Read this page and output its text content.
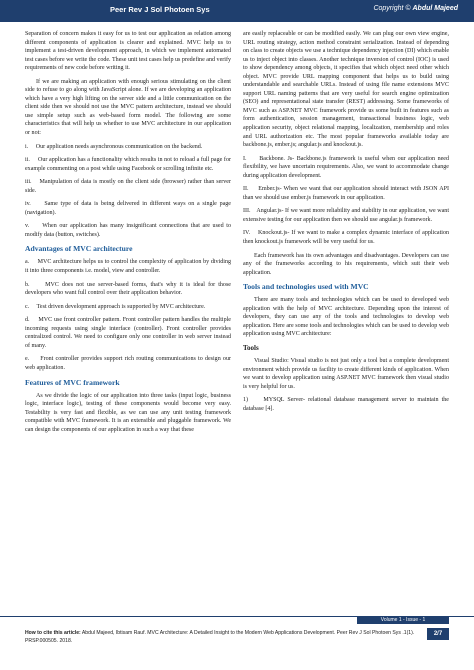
Peer Rev J Sol Photoen Sys	Copyright © Abdul Majeed

Separation of concern makes it easy for us to test our application as relation among different components of application is clearer and explained. MVC help us to implement a test-driven development approach, in which we implement automated test cases before we write the code. These unit test cases help us predefine and verify requirements of new code before writing it.

If we are making an application with enough serious stimulating on the client side to refuse to go along with JavaScript alone. If we are developing an application which have a very high lifting on the server side and a little communication on the client side then we should not use the MVC pattern architecture, instead we should use simple setup such as web-based form model. The following are some characteristics that will help us whether to use MVC architecture in our application or not:

i.     Our application needs asynchronous communication on the backend.

ii.     Our application has a functionality which results in not to reload a full page for example commenting on a post while using Facebook or scrolling infinite etc.

iii.    Manipulation of data is mostly on the client side (browser) rather than server side.

iv.     Same type of data is being delivered in different ways on a single page (navigation).

v.     When our application has many insignificant connections that are used to modify data (button, switches).

Advantages of MVC architecture

a.     MVC architecture helps us to control the complexity of application by dividing it into three components i.e. model, view and controller.

b.     MVC does not use server-based forms, that's why it is ideal for those developers who want full control over their application behavior.

c.     Test driven development approach is supported by MVC architecture.

d.     MVC use front controller pattern. Front controller pattern handles the multiple incoming requests using single interface (controller). Front controller provides centralized control. We need to configure only one controller in web server instead of many.

e.     Front controller provides support rich routing communications to design our web application.

Features of MVC framework

As we divide the logic of our application into three tasks (input logic, business logic, interface logic), testing of these components would become very easy. Testability is very fast and flexible, as we can use any unit testing framework compatible with MVC framework. It is an extensible and pluggable framework. We can design the components of our application in such a way that these

are easily replaceable or can be modified easily. We can plug our own view engine, URL routing strategy, action method constraint serialization. Instead of depending on class to create objects we use a technique dependency injection (DI) which enable us to inject object into classes. Another technique inversion of control (IOC) is used to show dependency among objects, it specifies that which object need other which object. MVC provide URL mapping component that helps us to build using understandable and searchable URLs. Instead of using file name extensions MVC support URL naming patterns that are very useful for search engine optimization (SEO) and representational state transfer (REST) addressing. Some frameworks of MVC such as ASP.NET MVC framework provide us some built in features such as form authentication, session management, transactional business logic, web application security, object relational mapping, localization, membership and roles and URL authorization etc. The most popular frameworks available today are backbone.js, ember.js; angular.js and knockout.js.

I.     Backbone. Js- Backbone.js framework is useful when our application need flexibility, we have uncertain requirements. Also, we want to accommodate change during application development.

II.     Ember.js- When we want that our application should interact with JSON API than we should use ember.js framework in our application.

III.    Angular.js- If we want more reliability and stability in our application, we want extensive testing for our application then we should use angular.js framework.

IV.    Knockout.js- If we want to make a complex dynamic interface of application then knockout.js framework will be very useful for us.

Each framework has its own advantages and disadvantages. Developers can use any of the frameworks according to his requirements, which suit their web application.

Tools and technologies used with MVC

There are many tools and technologies which can be used to developed web application with the help of MVC architecture. Depending upon the interest of developers, they can use any of the tools and technologies to develop web application. Here are some tools and technologies which can be used to develop web application using MVC architecture:

Tools

Visual Studio: Visual studio is not just only a tool but a complete development environment which provide us facility to create different kinds of application. When we want to develop application using ASP.NET MVC framework then visual studio is very helpful for us.

1)     MYSQL Server- relational database management server to maintain the database [4].

Volume 1 - Issue - 1
How to cite this article: Abdul Majeed, Ibtisam Rauf. MVC Architecture: A Detailed Insight to the Modern Web Applications Development. Peer Rev J Sol Photoen Sys .1(1). PRSP.000505. 2018.
2/7
